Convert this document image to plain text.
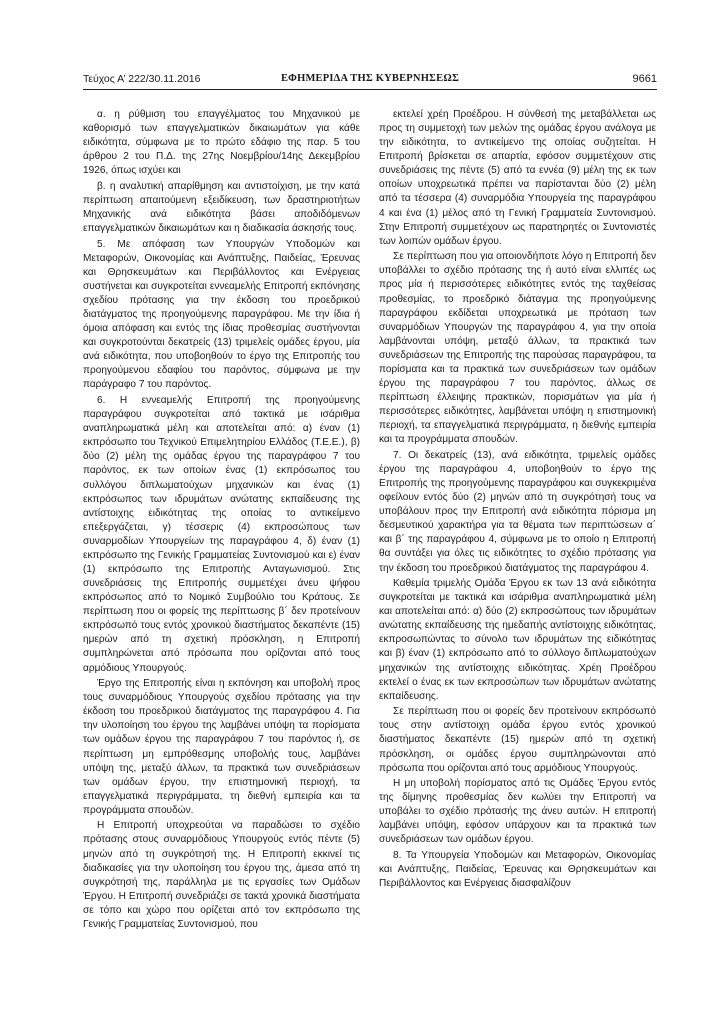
Τεύχος Α’ 222/30.11.2016	ΕΦΗΜΕΡΙΔΑ ΤΗΣ ΚΥΒΕΡΝΗΣΕΩΣ	9661

α. η ρύθμιση του επαγγέλματος του Μηχανικού με καθορισμό των επαγγελματικών δικαιωμάτων για κάθε ειδικότητα, σύμφωνα με το πρώτο εδάφιο της παρ. 5 του άρθρου 2 του Π.Δ. της 27ης Νοεμβρίου/14ης Δεκεμβρίου 1926, όπως ισχύει και

β. η αναλυτική απαρίθμηση και αντιστοίχιση, με την κατά περίπτωση απαιτούμενη εξειδίκευση, των δραστηριοτήτων Μηχανικής ανά ειδικότητα βάσει αποδιδόμενων επαγγελματικών δικαιωμάτων και η διαδικασία άσκησής τους.

5. Με απόφαση των Υπουργών Υποδομών και Μεταφορών, Οικονομίας και Ανάπτυξης, Παιδείας, Έρευνας και Θρησκευμάτων και Περιβάλλοντος και Ενέργειας συστήνεται και συγκροτείται εννεαμελής Επιτροπή εκπόνησης σχεδίου πρότασης για την έκδοση του προεδρικού διατάγματος της προηγούμενης παραγράφου. Με την ίδια ή όμοια απόφαση και εντός της ίδιας προθεσμίας συστήνονται και συγκροτούνται δεκατρείς (13) τριμελείς ομάδες έργου, μία ανά ειδικότητα, που υποβοηθούν το έργο της Επιτροπής του προηγούμενου εδαφίου του παρόντος, σύμφωνα με την παράγραφο 7 του παρόντος.

6. Η εννεαμελής Επιτροπή της προηγούμενης παραγράφου συγκροτείται από τακτικά με ισάριθμα αναπληρωματικά μέλη και αποτελείται από: α) έναν (1) εκπρόσωπο του Τεχνικού Επιμελητηρίου Ελλάδος (Τ.Ε.Ε.), β) δύο (2) μέλη της ομάδας έργου της παραγράφου 7 του παρόντος, εκ των οποίων ένας (1) εκπρόσωπος του συλλόγου διπλωματούχων μηχανικών και ένας (1) εκπρόσωπος των ιδρυμάτων ανώτατης εκπαίδευσης της αντίστοιχης ειδικότητας της οποίας το αντικείμενο επεξεργάζεται, γ) τέσσερις (4) εκπροσώπους των συναρμοδίων Υπουργείων της παραγράφου 4, δ) έναν (1) εκπρόσωπο της Γενικής Γραμματείας Συντονισμού και ε) έναν (1) εκπρόσωπο της Επιτροπής Ανταγωνισμού. Στις συνεδριάσεις της Επιτροπής συμμετέχει άνευ ψήφου εκπρόσωπος από το Νομικό Συμβούλιο του Κράτους. Σε περίπτωση που οι φορείς της περίπτωσης β΄ δεν προτείνουν εκπρόσωπό τους εντός χρονικού διαστήματος δεκαπέντε (15) ημερών από τη σχετική πρόσκληση, η Επιτροπή συμπληρώνεται από πρόσωπα που ορίζονται από τους αρμόδιους Υπουργούς.

Έργο της Επιτροπής είναι η εκπόνηση και υποβολή προς τους συναρμόδιους Υπουργούς σχεδίου πρότασης για την έκδοση του προεδρικού διατάγματος της παραγράφου 4. Για την υλοποίηση του έργου της λαμβάνει υπόψη τα πορίσματα των ομάδων έργου της παραγράφου 7 του παρόντος ή, σε περίπτωση μη εμπρόθεσμης υποβολής τους, λαμβάνει υπόψη της, μεταξύ άλλων, τα πρακτικά των συνεδριάσεων των ομάδων έργου, την επιστημονική περιοχή, τα επαγγελματικά περιγράμματα, τη διεθνή εμπειρία και τα προγράμματα σπουδών.

Η Επιτροπή υποχρεούται να παραδώσει το σχέδιο πρότασης στους συναρμόδιους Υπουργούς εντός πέντε (5) μηνών από τη συγκρότησή της. Η Επιτροπή εκκινεί τις διαδικασίες για την υλοποίηση του έργου της, άμεσα από τη συγκρότησή της, παράλληλα με τις εργασίες των Ομάδων Έργου. Η Επιτροπή συνεδριάζει σε τακτά χρονικά διαστήματα σε τόπο και χώρο που ορίζεται από τον εκπρόσωπο της Γενικής Γραμματείας Συντονισμού, που

εκτελεί χρέη Προέδρου. Η σύνθεσή της μεταβάλλεται ως προς τη συμμετοχή των μελών της ομάδας έργου ανάλογα με την ειδικότητα, το αντικείμενο της οποίας συζητείται. Η Επιτροπή βρίσκεται σε απαρτία, εφόσον συμμετέχουν στις συνεδριάσεις της πέντε (5) από τα εννέα (9) μέλη της εκ των οποίων υποχρεωτικά πρέπει να παρίστανται δύο (2) μέλη από τα τέσσερα (4) συναρμόδια Υπουργεία της παραγράφου 4 και ένα (1) μέλος από τη Γενική Γραμματεία Συντονισμού. Στην Επιτροπή συμμετέχουν ως παρατηρητές οι Συντονιστές των λοιπών ομάδων έργου.

Σε περίπτωση που για οποιονδήποτε λόγο η Επιτροπή δεν υποβάλλει το σχέδιο πρότασης της ή αυτό είναι ελλιπές ως προς μία ή περισσότερες ειδικότητες εντός της ταχθείσας προθεσμίας, το προεδρικό διάταγμα της προηγούμενης παραγράφου εκδίδεται υποχρεωτικά με πρόταση των συναρμόδιων Υπουργών της παραγράφου 4, για την οποία λαμβάνονται υπόψη, μεταξύ άλλων, τα πρακτικά των συνεδριάσεων της Επιτροπής της παρούσας παραγράφου, τα πορίσματα και τα πρακτικά των συνεδριάσεων των ομάδων έργου της παραγράφου 7 του παρόντος, άλλως σε περίπτωση έλλειψης πρακτικών, πορισμάτων για μία ή περισσότερες ειδικότητες, λαμβάνεται υπόψη η επιστημονική περιοχή, τα επαγγελματικά περιγράμματα, η διεθνής εμπειρία και τα προγράμματα σπουδών.

7. Οι δεκατρείς (13), ανά ειδικότητα, τριμελείς ομάδες έργου της παραγράφου 4, υποβοηθούν το έργο της Επιτροπής της προηγούμενης παραγράφου και συγκεκριμένα οφείλουν εντός δύο (2) μηνών από τη συγκρότησή τους να υποβάλουν προς την Επιτροπή ανά ειδικότητα πόρισμα μη δεσμευτικού χαρακτήρα για τα θέματα των περιπτώσεων α΄ και β΄ της παραγράφου 4, σύμφωνα με το οποίο η Επιτροπή θα συντάξει για όλες τις ειδικότητες το σχέδιο πρότασης για την έκδοση του προεδρικού διατάγματος της παραγράφου 4.

Καθεμία τριμελής Ομάδα Έργου εκ των 13 ανά ειδικότητα συγκροτείται με τακτικά και ισάριθμα αναπληρωματικά μέλη και αποτελείται από: α) δύο (2) εκπροσώπους των ιδρυμάτων ανώτατης εκπαίδευσης της ημεδαπής αντίστοιχης ειδικότητας, εκπροσωπώντας το σύνολο των ιδρυμάτων της ειδικότητας και β) έναν (1) εκπρόσωπο από το σύλλογο διπλωματούχων μηχανικών της αντίστοιχης ειδικότητας. Χρέη Προέδρου εκτελεί ο ένας εκ των εκπροσώπων των ιδρυμάτων ανώτατης εκπαίδευσης.

Σε περίπτωση που οι φορείς δεν προτείνουν εκπρόσωπό τους στην αντίστοιχη ομάδα έργου εντός χρονικού διαστήματος δεκαπέντε (15) ημερών από τη σχετική πρόσκληση, οι ομάδες έργου συμπληρώνονται από πρόσωπα που ορίζονται από τους αρμόδιους Υπουργούς.

Η μη υποβολή πορίσματος από τις Ομάδες Έργου εντός της δίμηνης προθεσμίας δεν κωλύει την Επιτροπή να υποβάλει το σχέδιο πρότασής της άνευ αυτών. Η επιτροπή λαμβάνει υπόψη, εφόσον υπάρχουν και τα πρακτικά των συνεδριάσεων των ομάδων έργου.

8. Τα Υπουργεία Υποδομών και Μεταφορών, Οικονομίας και Ανάπτυξης, Παιδείας, Έρευνας και Θρησκευμάτων και Περιβάλλοντος και Ενέργειας διασφαλίζουν
